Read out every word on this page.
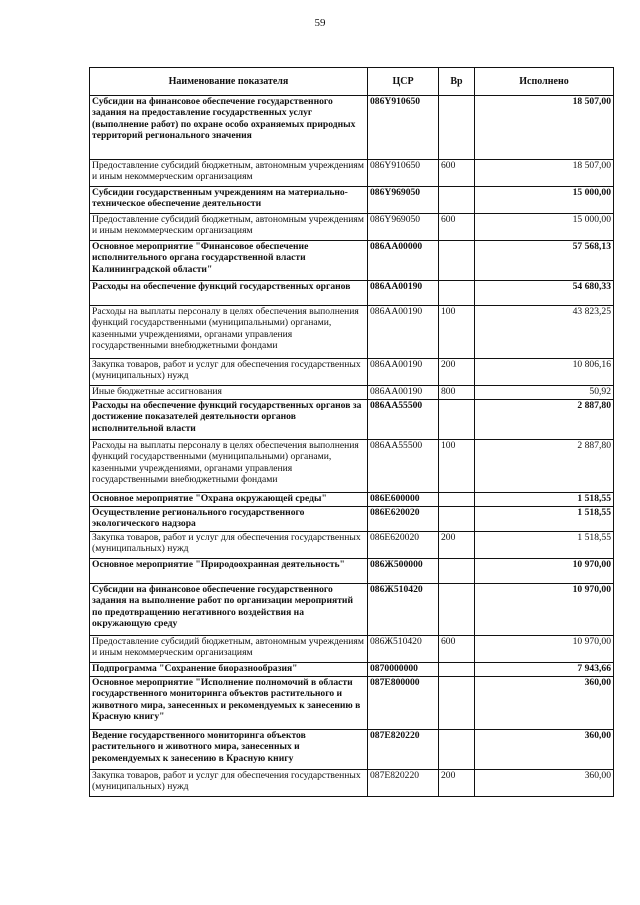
59
Наименование показателя	ЦСР	Вр	Исполнено
Субсидии на финансовое обеспечение государственного задания на предоставление государственных услуг (выполнение работ) по охране особо охраняемых природных территорий регионального значения	086Y910650		18 507,00
Предоставление субсидий бюджетным, автономным учреждениям и иным некоммерческим организациям	086Y910650	600	18 507,00
Субсидии государственным учреждениям на материально-техническое обеспечение деятельности	086Y969050		15 000,00
Предоставление субсидий бюджетным, автономным учреждениям и иным некоммерческим организациям	086Y969050	600	15 000,00
Основное мероприятие "Финансовое обеспечение исполнительного органа государственной власти Калининградской области"	086АА00000		57 568,13
Расходы на обеспечение функций государственных органов	086АА00190		54 680,33
Расходы на выплаты персоналу в целях обеспечения выполнения функций государственными (муниципальными) органами, казенными учреждениями, органами управления государственными внебюджетными фондами	086АА00190	100	43 823,25
Закупка товаров, работ и услуг для обеспечения государственных (муниципальных) нужд	086АА00190	200	10 806,16
Иные бюджетные ассигнования	086АА00190	800	50,92
Расходы на обеспечение функций государственных органов за достижение показателей деятельности органов исполнительной власти	086АА55500		2 887,80
Расходы на выплаты персоналу в целях обеспечения выполнения функций государственными (муниципальными) органами, казенными учреждениями, органами управления государственными внебюджетными фондами	086АА55500	100	2 887,80
Основное мероприятие "Охрана окружающей среды"	086Е600000		1 518,55
Осуществление регионального государственного экологического надзора	086Е620020		1 518,55
Закупка товаров, работ и услуг для обеспечения государственных (муниципальных) нужд	086Е620020	200	1 518,55
Основное мероприятие "Природоохранная деятельность"	086Ж500000		10 970,00
Субсидии на финансовое обеспечение государственного задания на выполнение работ по организации мероприятий по предотвращению негативного воздействия на окружающую среду	086Ж510420		10 970,00
Предоставление субсидий бюджетным, автономным учреждениям и иным некоммерческим организациям	086Ж510420	600	10 970,00
Подпрограмма "Сохранение биоразнообразия"	0870000000		7 943,66
Основное мероприятие "Исполнение полномочий в области государственного мониторинга объектов растительного и животного мира, занесенных и рекомендуемых к занесению в Красную книгу"	087Е800000		360,00
Ведение государственного мониторинга объектов растительного и животного мира, занесенных и рекомендуемых к занесению в Красную книгу	087Е820220		360,00
Закупка товаров, работ и услуг для обеспечения государственных (муниципальных) нужд	087Е820220	200	360,00
